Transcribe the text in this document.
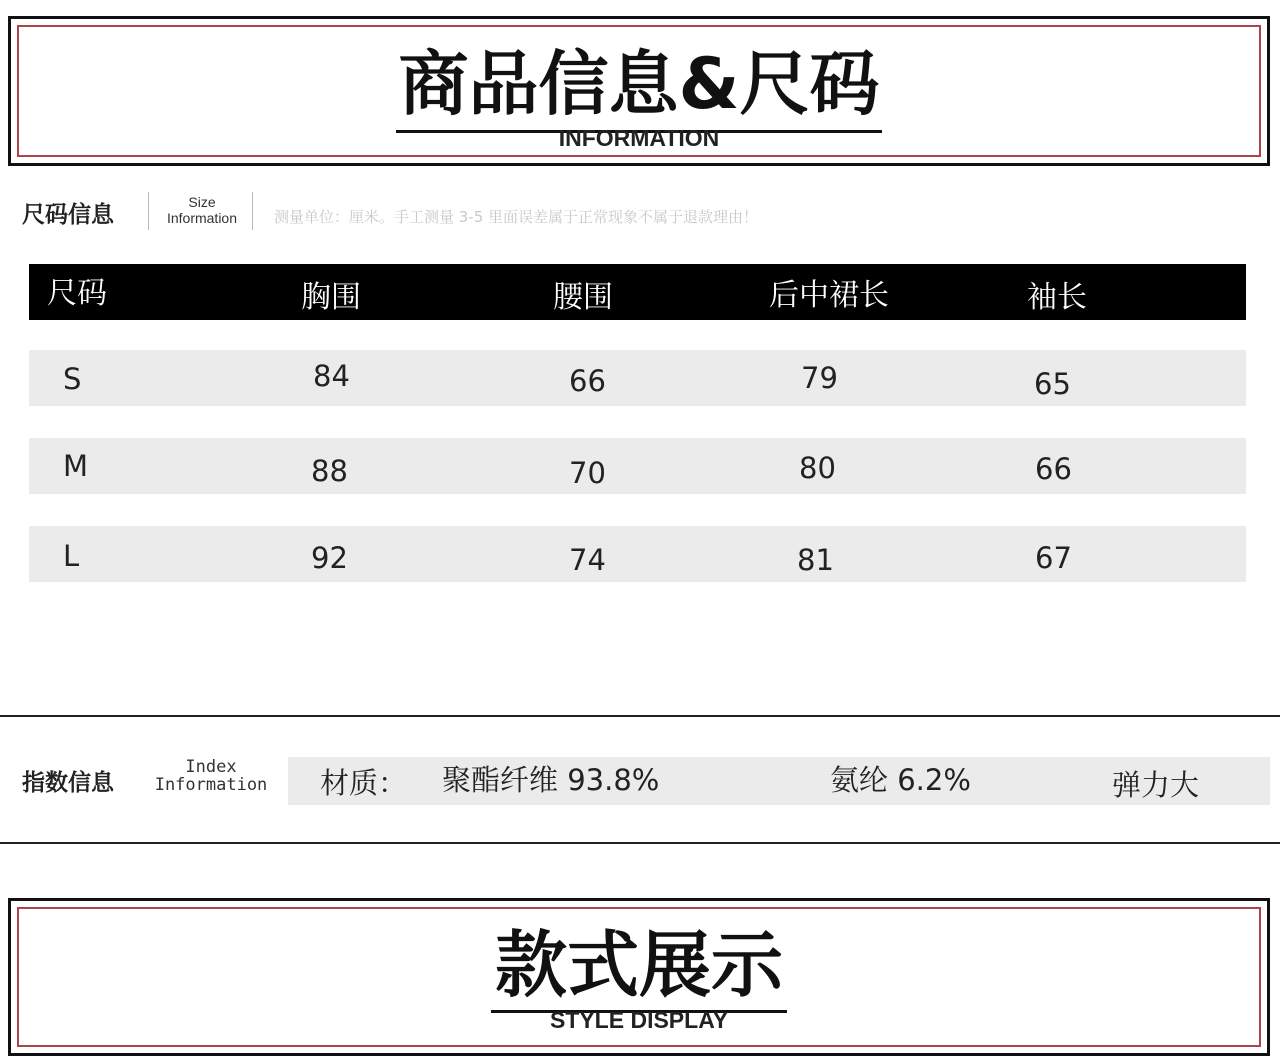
商品信息&尺码
INFORMATION
尺码信息	Size
Information	测量单位：厘米。手工测量 3-5 里面误差属于正常现象不属于退款理由！
尺码	胸围	腰围	后中裙长	袖长
S	84	66	79	65
M	88	70	80	66
L	92	74	81	67
指数信息
Index
Information 材质： 聚酯纤维 93.8%	氨纶 6.2%	弹力大
款式展示
STYLE DISPLAY
